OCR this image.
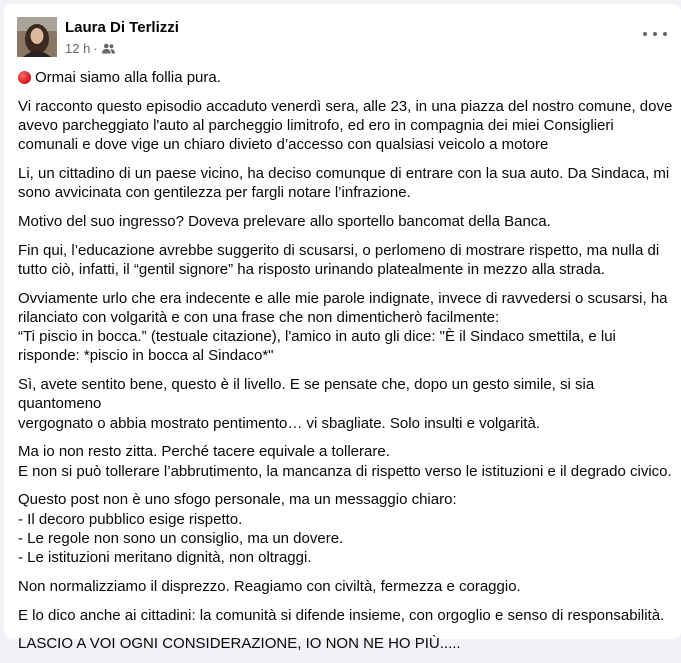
Laura Di Terlizzi
12 h ·

Ormai siamo alla follia pura.

Vi racconto questo episodio accaduto venerdì sera, alle 23, in una piazza del nostro comune, dove
avevo parcheggiato l'auto al parcheggio limitrofo, ed ero in compagnia dei miei Consiglieri
comunali e dove vige un chiaro divieto d’accesso con qualsiasi veicolo a motore

Li, un cittadino di un paese vicino, ha deciso comunque di entrare con la sua auto. Da Sindaca, mi
sono avvicinata con gentilezza per fargli notare l’infrazione.

Motivo del suo ingresso? Doveva prelevare allo sportello bancomat della Banca.

Fin qui, l’educazione avrebbe suggerito di scusarsi, o perlomeno di mostrare rispetto, ma nulla di
tutto ciò, infatti, il “gentil signore” ha risposto urinando platealmente in mezzo alla strada.

Ovviamente urlo che era indecente e alle mie parole indignate, invece di ravvedersi o scusarsi, ha
rilanciato con volgarità e con una frase che non dimenticherò facilmente:
“Ti piscio in bocca.” (testuale citazione), l'amico in auto gli dice: "È il Sindaco smettila, e lui
risponde: *piscio in bocca al Sindaco*"

Sì, avete sentito bene, questo è il livello. E se pensate che, dopo un gesto simile, si sia quantomeno
vergognato o abbia mostrato pentimento… vi sbagliate. Solo insulti e volgarità.

Ma io non resto zitta. Perché tacere equivale a tollerare.
E non si può tollerare l’abbrutimento, la mancanza di rispetto verso le istituzioni e il degrado civico.

Questo post non è uno sfogo personale, ma un messaggio chiaro:
- Il decoro pubblico esige rispetto.
- Le regole non sono un consiglio, ma un dovere.
- Le istituzioni meritano dignità, non oltraggi.

Non normalizziamo il disprezzo. Reagiamo con civiltà, fermezza e coraggio.

E lo dico anche ai cittadini: la comunità si difende insieme, con orgoglio e senso di responsabilità.

LASCIO A VOI OGNI CONSIDERAZIONE, IO NON NE HO PIÙ.....
